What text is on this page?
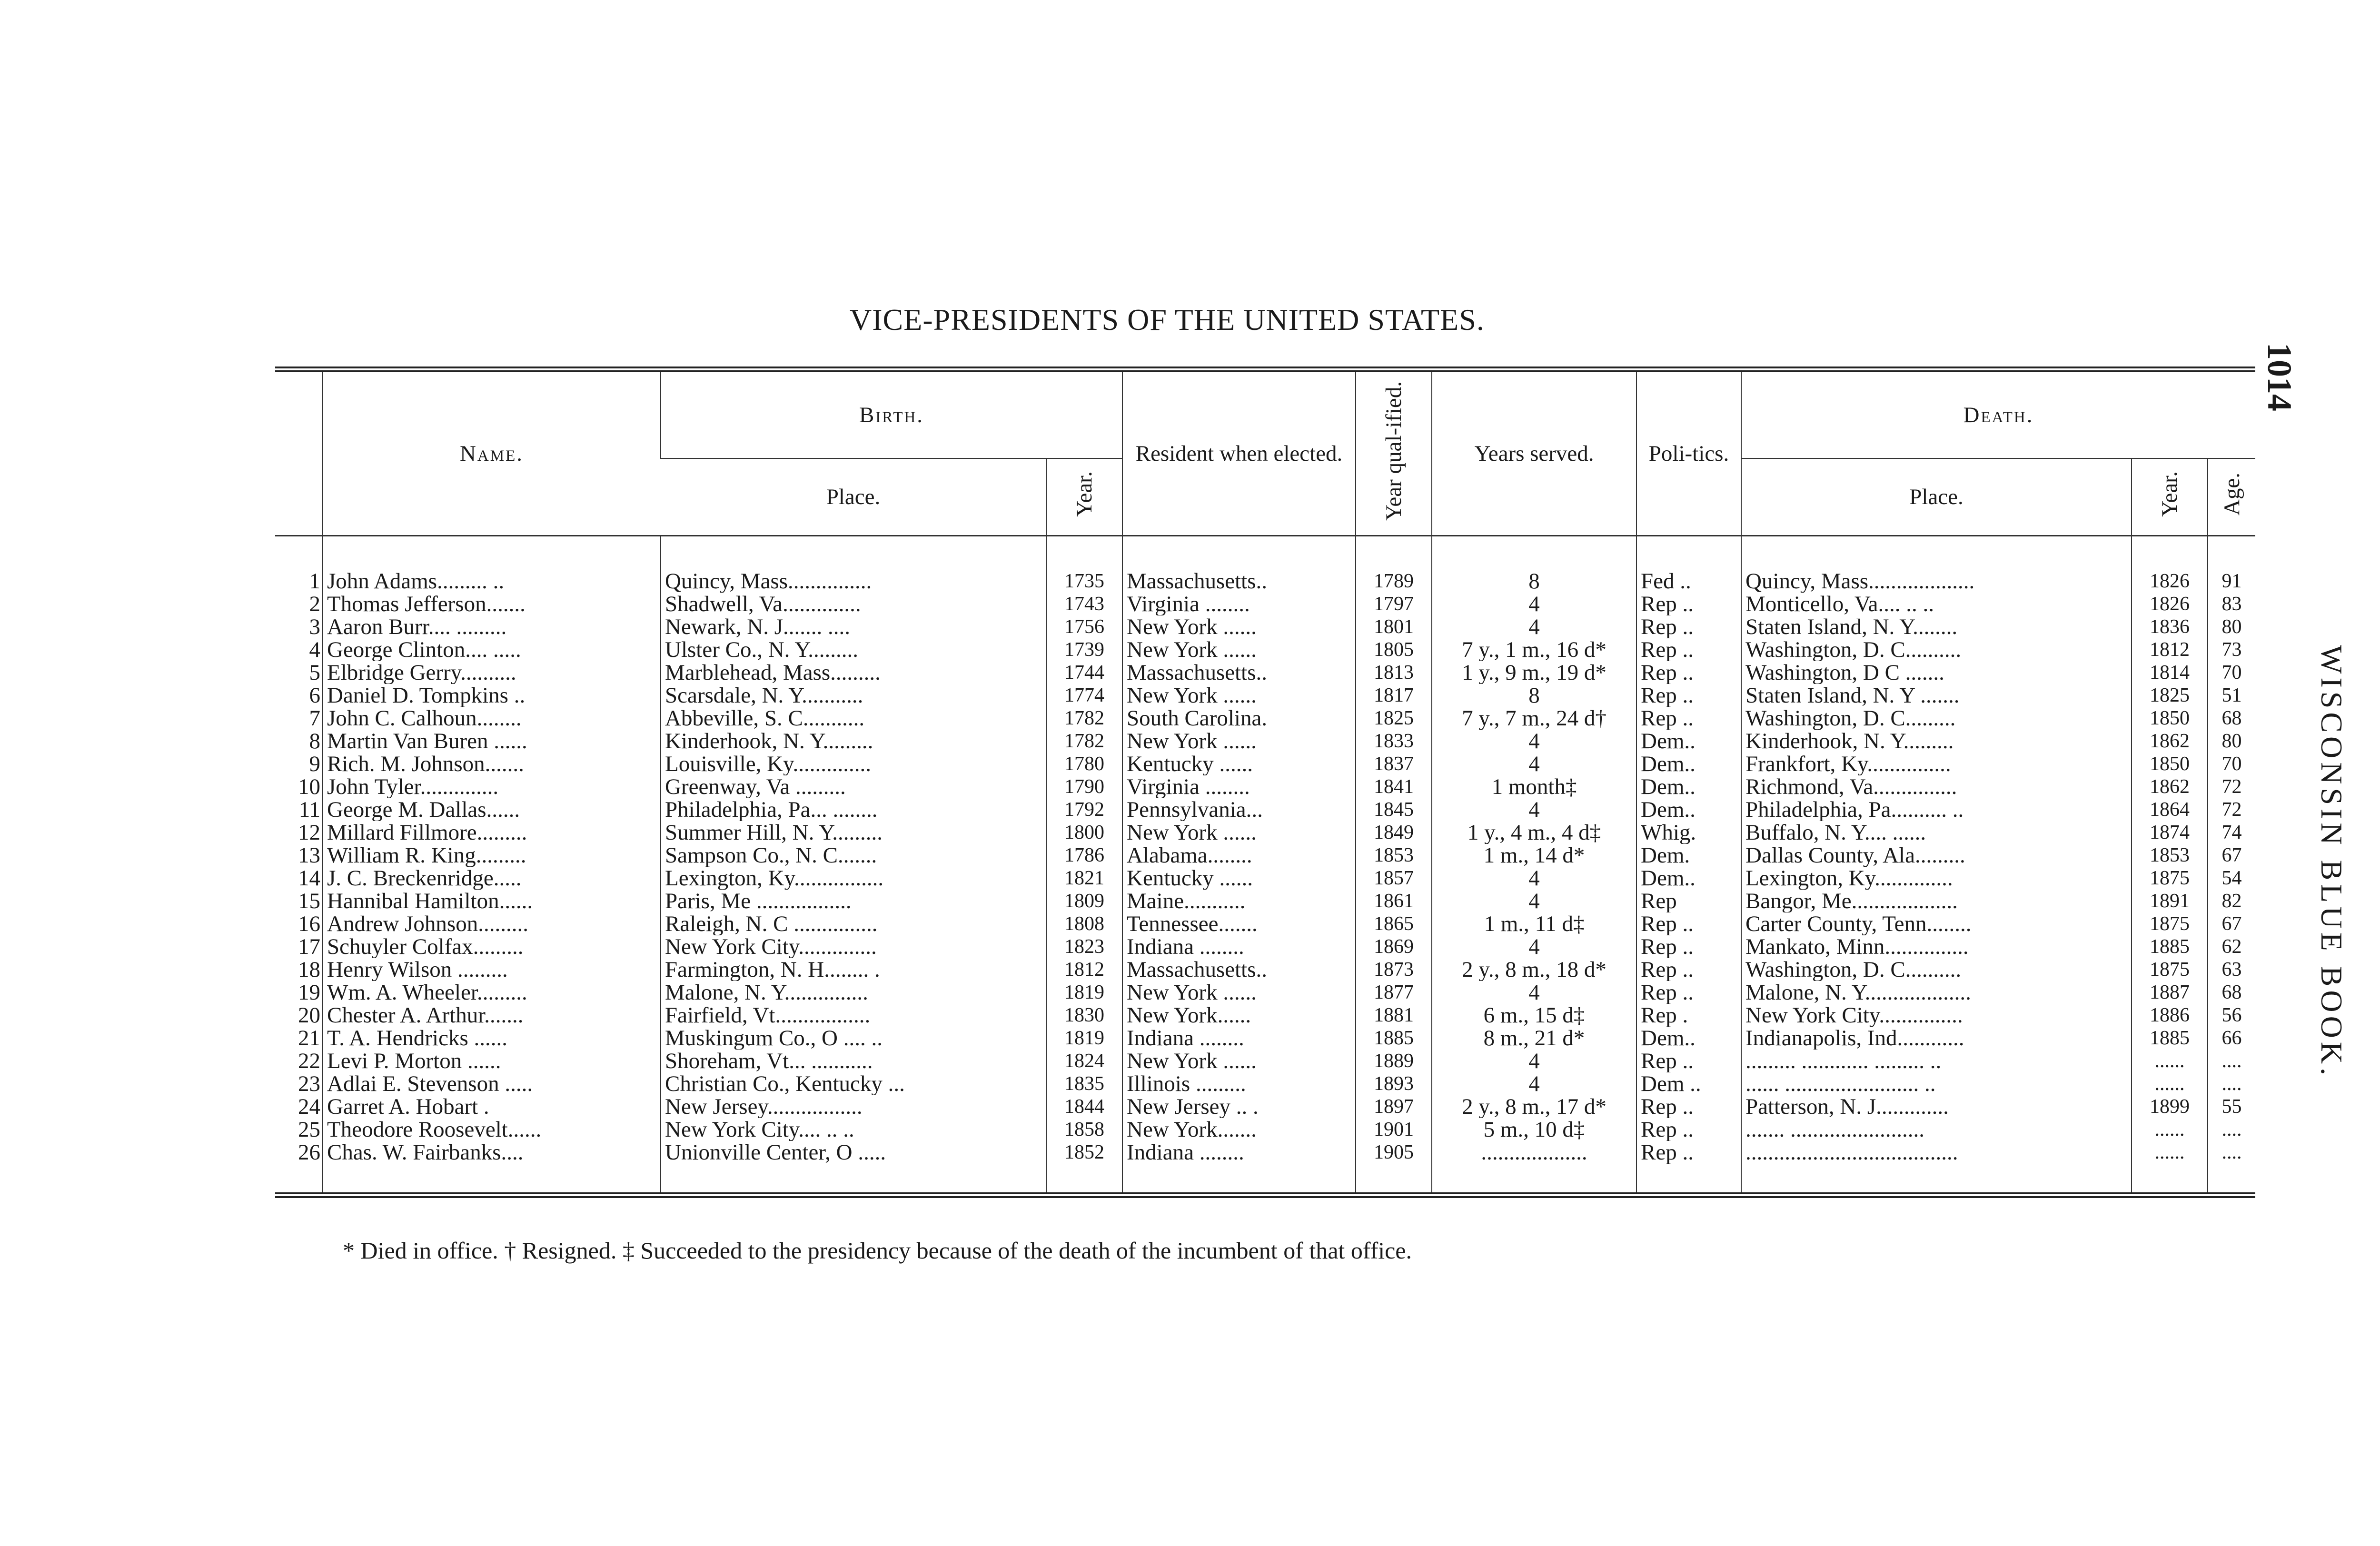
VICE-PRESIDENTS OF THE UNITED STATES.
1014
WISCONSIN BLUE BOOK.
	Name.	Birth.		Resident when elected.	Year qual-ified.	Years served.	Poli-tics.	Death.		
		Place.	Year.					Place.	Year.	Age.
1	John Adams......... ..	Quincy, Mass...............	1735	Massachusetts..	1789	8	Fed ..	Quincy, Mass...................	1826	91
2	Thomas Jefferson.......	Shadwell, Va..............	1743	Virginia ........	1797	4	Rep ..	Monticello, Va.... .. ..	1826	83
3	Aaron Burr.... .........	Newark, N. J....... ....	1756	New York ......	1801	4	Rep ..	Staten Island, N. Y........	1836	80
4	George Clinton.... .....	Ulster Co., N. Y.........	1739	New York ......	1805	7 y., 1 m., 16 d*	Rep ..	Washington, D. C..........	1812	73
5	Elbridge Gerry..........	Marblehead, Mass.........	1744	Massachusetts..	1813	1 y., 9 m., 19 d*	Rep ..	Washington, D C .......	1814	70
6	Daniel D. Tompkins ..	Scarsdale, N. Y...........	1774	New York ......	1817	8	Rep ..	Staten Island, N. Y .......	1825	51
7	John C. Calhoun........	Abbeville, S. C...........	1782	South Carolina.	1825	7 y., 7 m., 24 d†	Rep ..	Washington, D. C.........	1850	68
8	Martin Van Buren ......	Kinderhook, N. Y.........	1782	New York ......	1833	4	Dem..	Kinderhook, N. Y.........	1862	80
9	Rich. M. Johnson.......	Louisville, Ky..............	1780	Kentucky ......	1837	4	Dem..	Frankfort, Ky...............	1850	70
10	John Tyler..............	Greenway, Va .........	1790	Virginia ........	1841	1 month‡	Dem..	Richmond, Va...............	1862	72
11	George M. Dallas......	Philadelphia, Pa... ........	1792	Pennsylvania...	1845	4	Dem..	Philadelphia, Pa.......... ..	1864	72
12	Millard Fillmore.........	Summer Hill, N. Y.........	1800	New York ......	1849	1 y., 4 m., 4 d‡	Whig.	Buffalo, N. Y.... ......	1874	74
13	William R. King.........	Sampson Co., N. C.......	1786	Alabama........	1853	1 m., 14 d*	Dem.	Dallas County, Ala.........	1853	67
14	J. C. Breckenridge.....	Lexington, Ky................	1821	Kentucky ......	1857	4	Dem..	Lexington, Ky..............	1875	54
15	Hannibal Hamilton......	Paris, Me .................	1809	Maine...........	1861	4	Rep	Bangor, Me...................	1891	82
16	Andrew Johnson.........	Raleigh, N. C ...............	1808	Tennessee.......	1865	1 m., 11 d‡	Rep ..	Carter County, Tenn........	1875	67
17	Schuyler Colfax.........	New York City..............	1823	Indiana ........	1869	4	Rep ..	Mankato, Minn...............	1885	62
18	Henry Wilson .........	Farmington, N. H........ .	1812	Massachusetts..	1873	2 y., 8 m., 18 d*	Rep ..	Washington, D. C..........	1875	63
19	Wm. A. Wheeler.........	Malone, N. Y...............	1819	New York ......	1877	4	Rep ..	Malone, N. Y...................	1887	68
20	Chester A. Arthur.......	Fairfield, Vt.................	1830	New York......	1881	6 m., 15 d‡	Rep .	New York City...............	1886	56
21	T. A. Hendricks ......	Muskingum Co., O .... ..	1819	Indiana ........	1885	8 m., 21 d*	Dem..	Indianapolis, Ind............	1885	66
22	Levi P. Morton ......	Shoreham, Vt... ...........	1824	New York ......	1889	4	Rep ..	......... ............ ......... ..	......	....
23	Adlai E. Stevenson .....	Christian Co., Kentucky ...	1835	Illinois .........	1893	4	Dem ..	...... ........................ ..	......	....
24	Garret A. Hobart .	New Jersey.................	1844	New Jersey .. .	1897	2 y., 8 m., 17 d*	Rep ..	Patterson, N. J.............	1899	55
25	Theodore Roosevelt......	New York City.... .. ..	1858	New York.......	1901	5 m., 10 d‡	Rep ..	....... ........................	......	....
26	Chas. W. Fairbanks....	Unionville Center, O .....	1852	Indiana ........	1905	...................	Rep ..	......................................	......	....
* Died in office. † Resigned. ‡ Succeeded to the presidency because of the death of the incumbent of that office.
